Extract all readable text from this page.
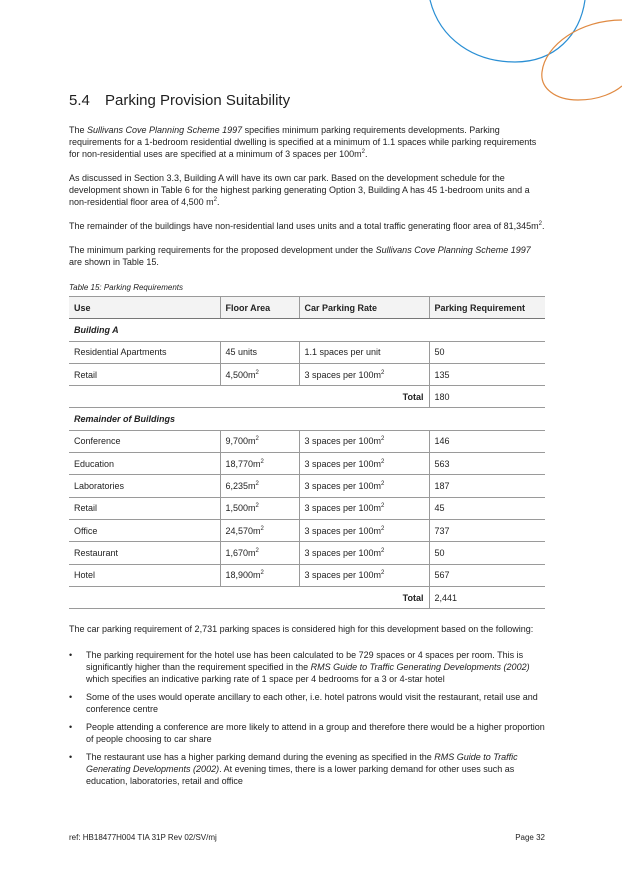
5.4 Parking Provision Suitability

The Sullivans Cove Planning Scheme 1997 specifies minimum parking requirements developments. Parking requirements for a 1-bedroom residential dwelling is specified at a minimum of 1.1 spaces while parking requirements for non-residential uses are specified at a minimum of 3 spaces per $100m^2$.

As discussed in Section 3.3, Building A will have its own car park. Based on the development schedule for the development shown in Table 6 for the highest parking generating Option 3, Building A has 45 1-bedroom units and a non-residential floor area of 4,500 $m^2$.

The remainder of the buildings have non-residential land uses units and a total traffic generating floor area of $81,345m^2$.

The minimum parking requirements for the proposed development under the Sullivans Cove Planning Scheme 1997 are shown in Table 15.

Table 15: Parking Requirements
Use	Floor Area	Car Parking Rate	Parking Requirement
Building A			
Residential Apartments	45 units	1.1 spaces per unit	50
Retail	$4,500m^2$	3 spaces per $100m^2$	135
Total			180
Remainder of Buildings			
Conference	$9,700m^2$	3 spaces per $100m^2$	146
Education	$18,770m^2$	3 spaces per $100m^2$	563
Laboratories	$6,235m^2$	3 spaces per $100m^2$	187
Retail	$1,500m^2$	3 spaces per $100m^2$	45
Office	$24,570m^2$	3 spaces per $100m^2$	737
Restaurant	$1,670m^2$	3 spaces per $100m^2$	50
Hotel	$18,900m^2$	3 spaces per $100m^2$	567
Total			2,441

The car parking requirement of 2,731 parking spaces is considered high for this development based on the following:

• The parking requirement for the hotel use has been calculated to be 729 spaces or 4 spaces per room. This is significantly higher than the requirement specified in the RMS Guide to Traffic Generating Developments (2002) which specifies an indicative parking rate of 1 space per 4 bedrooms for a 3 or 4-star hotel
• Some of the uses would operate ancillary to each other, i.e. hotel patrons would visit the restaurant, retail use and conference centre
• People attending a conference are more likely to attend in a group and therefore there would be a higher proportion of people choosing to car share
• The restaurant use has a higher parking demand during the evening as specified in the RMS Guide to Traffic Generating Developments (2002). At evening times, there is a lower parking demand for other uses such as education, laboratories, retail and office
ref: HB18477H004 TIA 31P Rev 02/SV/mj	Page 32
